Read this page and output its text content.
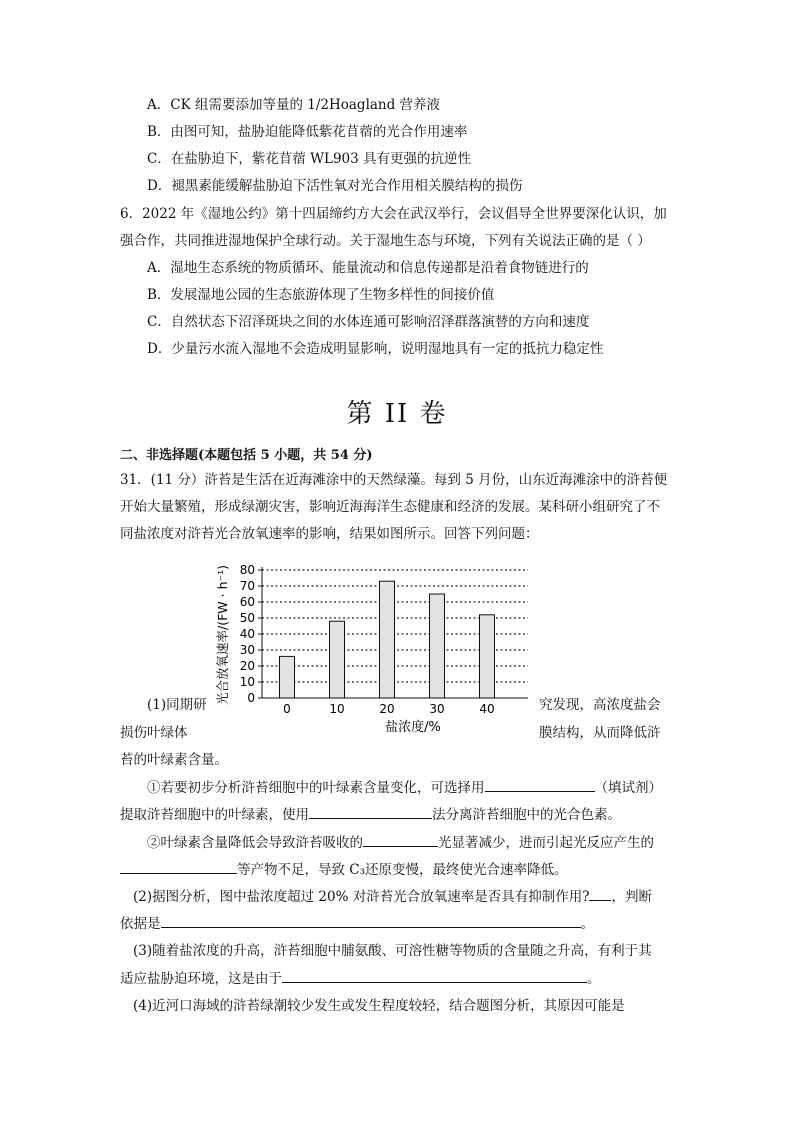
A．CK 组需要添加等量的 1/2Hoagland 营养液
B．由图可知，盐胁迫能降低紫花苜蓿的光合作用速率
C．在盐胁迫下，紫花苜蓿 WL903 具有更强的抗逆性
D．褪黑素能缓解盐胁迫下活性氧对光合作用相关膜结构的损伤
6．2022 年《湿地公约》第十四届缔约方大会在武汉举行，会议倡导全世界要深化认识，加
强合作，共同推进湿地保护全球行动。关于湿地生态与环境，下列有关说法正确的是（ ）
A．湿地生态系统的物质循环、能量流动和信息传递都是沿着食物链进行的
B．发展湿地公园的生态旅游体现了生物多样性的间接价值
C．自然状态下沼泽斑块之间的水体连通可影响沼泽群落演替的方向和速度
D．少量污水流入湿地不会造成明显影响，说明湿地具有一定的抵抗力稳定性
第 II 卷
二、非选择题(本题包括 5 小题，共 54 分)
31．(11 分）浒苔是生活在近海滩涂中的天然绿藻。每到 5 月份，山东近海滩涂中的浒苔便
开始大量繁殖，形成绿潮灾害，影响近海海洋生态健康和经济的发展。某科研小组研究了不
同盐浓度对浒苔光合放氧速率的影响，结果如图所示。回答下列问题：
0
10
20
30
40
50
60
70
80
0	10	20	30	40
盐浓度/%
光合放氧速率/(FW · h⁻¹)
(1)同期研	究发现，高浓度盐会
损伤叶绿体	膜结构，从而降低浒
苔的叶绿素含量。
①若要初步分析浒苔细胞中的叶绿素含量变化，可选择用	（填试剂）
提取浒苔细胞中的叶绿素，使用	法分离浒苔细胞中的光合色素。
②叶绿素含量降低会导致浒苔吸收的	光显著减少，进而引起光反应产生的
等产物不足，导致 C₃还原变慢，最终使光合速率降低。
(2)据图分析，图中盐浓度超过 20% 对浒苔光合放氧速率是否具有抑制作用? ，判断
依据是	。
(3)随着盐浓度的升高，浒苔细胞中脯氨酸、可溶性糖等物质的含量随之升高，有利于其
适应盐胁迫环境，这是由于	。
(4)近河口海域的浒苔绿潮较少发生或发生程度较轻，结合题图分析，其原因可能是
